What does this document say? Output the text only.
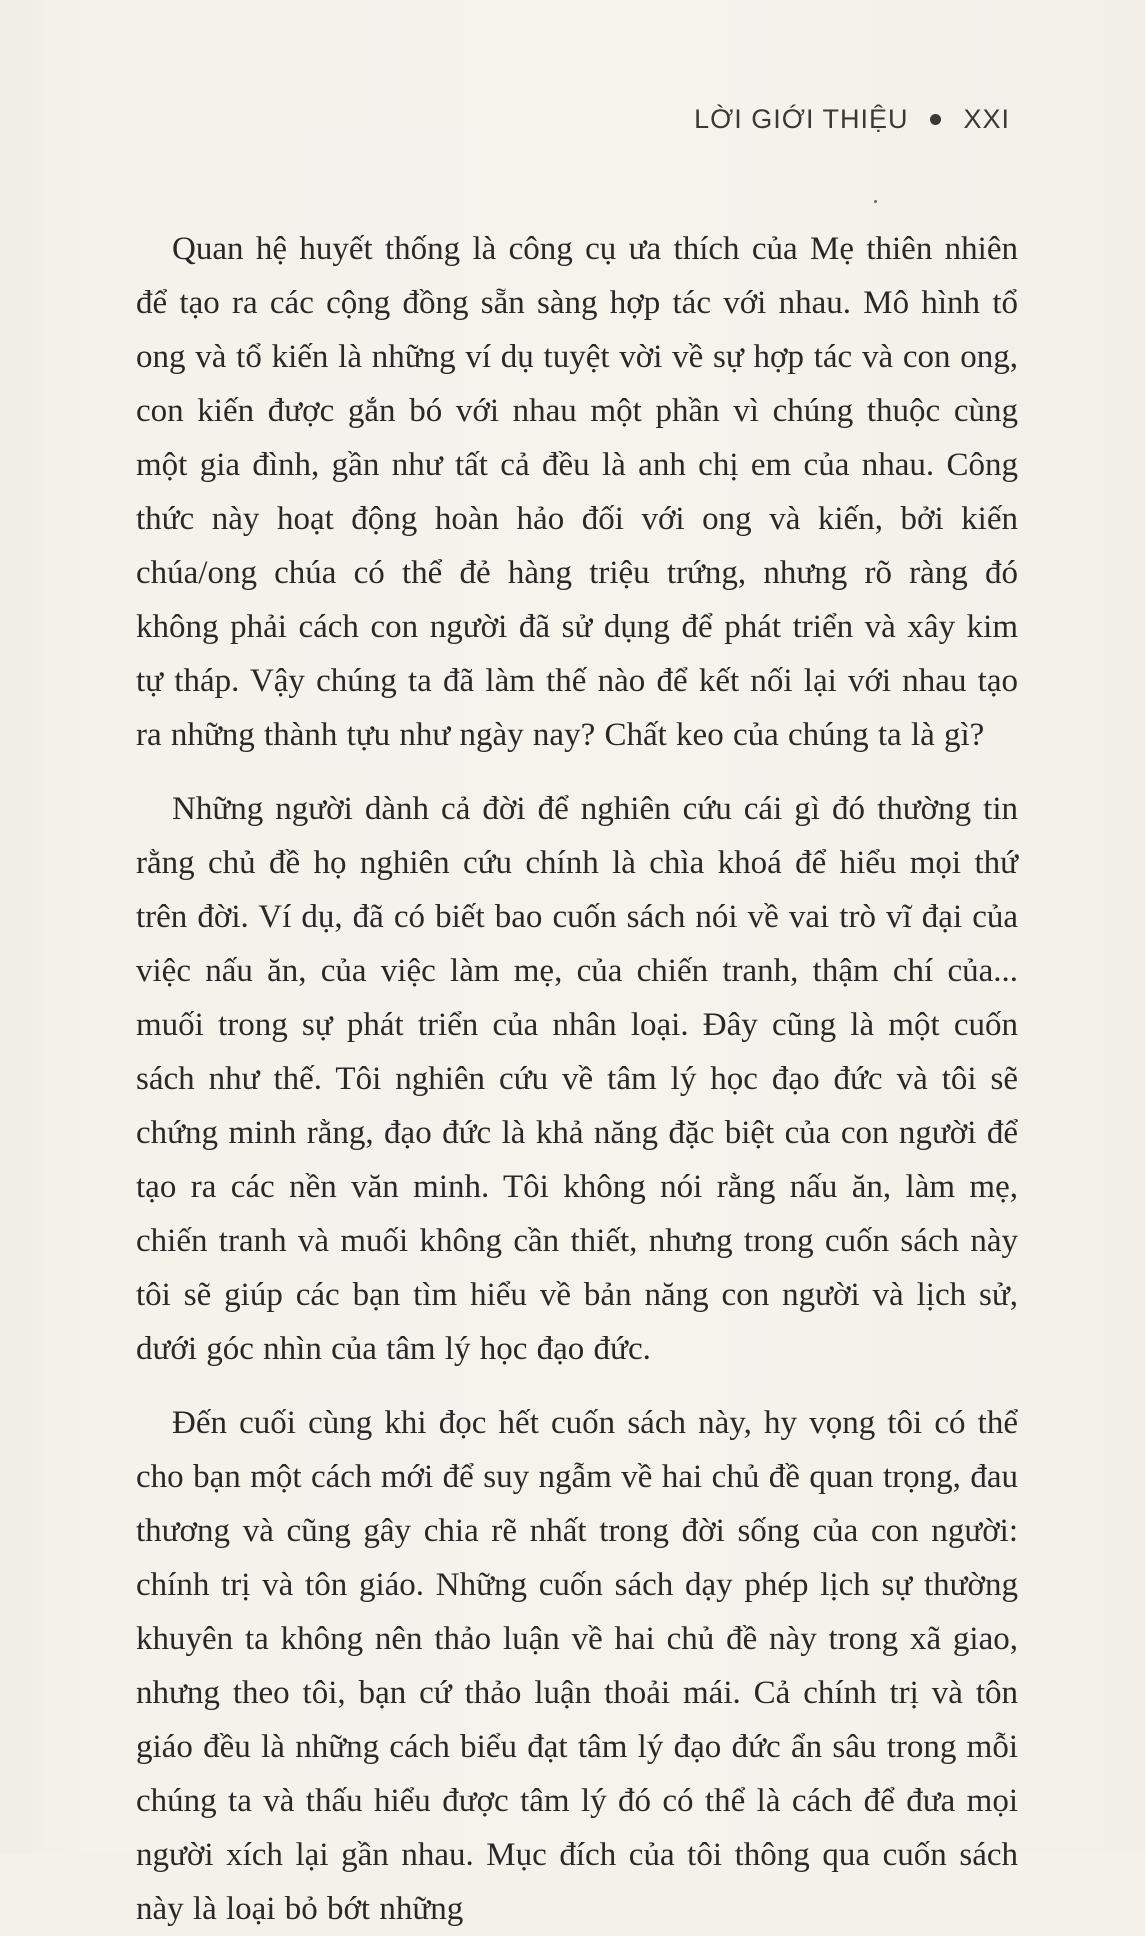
LỜI GIỚI THIỆU XXI

Quan hệ huyết thống là công cụ ưa thích của Mẹ thiên nhiên để tạo ra các cộng đồng sẵn sàng hợp tác với nhau. Mô hình tổ ong và tổ kiến là những ví dụ tuyệt vời về sự hợp tác và con ong, con kiến được gắn bó với nhau một phần vì chúng thuộc cùng một gia đình, gần như tất cả đều là anh chị em của nhau. Công thức này hoạt động hoàn hảo đối với ong và kiến, bởi kiến chúa/ong chúa có thể đẻ hàng triệu trứng, nhưng rõ ràng đó không phải cách con người đã sử dụng để phát triển và xây kim tự tháp. Vậy chúng ta đã làm thế nào để kết nối lại với nhau tạo ra những thành tựu như ngày nay? Chất keo của chúng ta là gì?

Những người dành cả đời để nghiên cứu cái gì đó thường tin rằng chủ đề họ nghiên cứu chính là chìa khoá để hiểu mọi thứ trên đời. Ví dụ, đã có biết bao cuốn sách nói về vai trò vĩ đại của việc nấu ăn, của việc làm mẹ, của chiến tranh, thậm chí của... muối trong sự phát triển của nhân loại. Đây cũng là một cuốn sách như thế. Tôi nghiên cứu về tâm lý học đạo đức và tôi sẽ chứng minh rằng, đạo đức là khả năng đặc biệt của con người để tạo ra các nền văn minh. Tôi không nói rằng nấu ăn, làm mẹ, chiến tranh và muối không cần thiết, nhưng trong cuốn sách này tôi sẽ giúp các bạn tìm hiểu về bản năng con người và lịch sử, dưới góc nhìn của tâm lý học đạo đức.

Đến cuối cùng khi đọc hết cuốn sách này, hy vọng tôi có thể cho bạn một cách mới để suy ngẫm về hai chủ đề quan trọng, đau thương và cũng gây chia rẽ nhất trong đời sống của con người: chính trị và tôn giáo. Những cuốn sách dạy phép lịch sự thường khuyên ta không nên thảo luận về hai chủ đề này trong xã giao, nhưng theo tôi, bạn cứ thảo luận thoải mái. Cả chính trị và tôn giáo đều là những cách biểu đạt tâm lý đạo đức ẩn sâu trong mỗi chúng ta và thấu hiểu được tâm lý đó có thể là cách để đưa mọi người xích lại gần nhau. Mục đích của tôi thông qua cuốn sách này là loại bỏ bớt những
